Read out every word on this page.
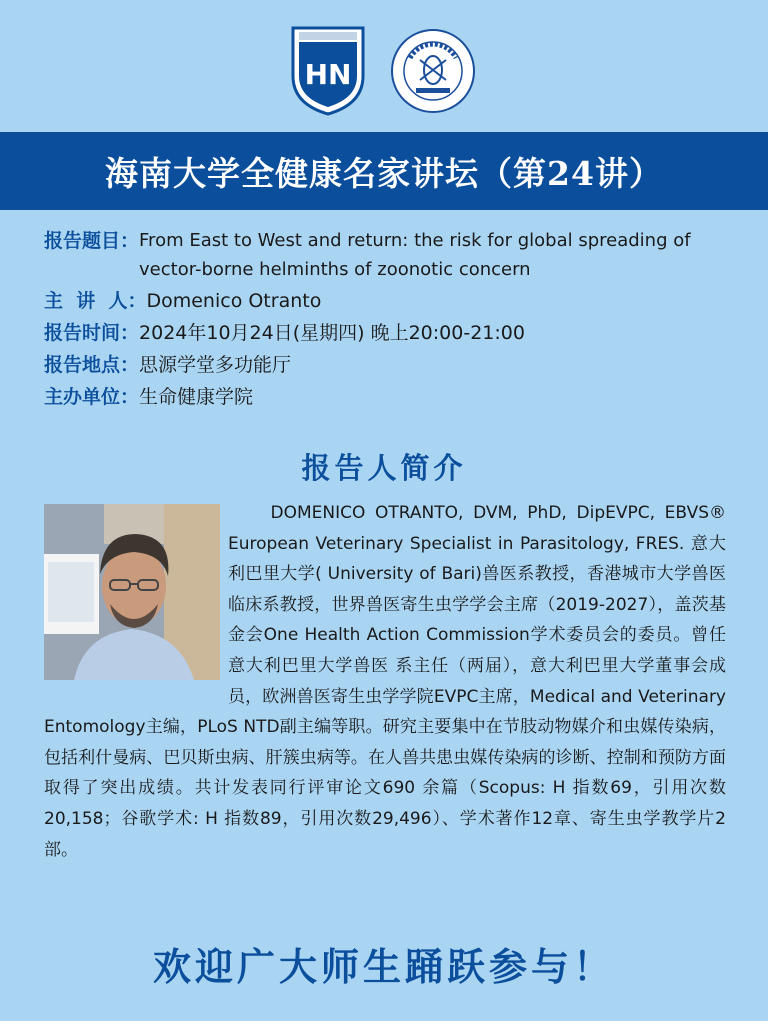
HN
海南大学全健康名家讲坛（第24讲）
报告题目： From East to West and return: the risk for global spreading of vector-borne helminths of zoonotic concern
主  讲  人： Domenico Otranto
报告时间： 2024年10月24日(星期四) 晚上20:00-21:00
报告地点： 思源学堂多功能厅
主办单位： 生命健康学院
报告人简介

DOMENICO OTRANTO, DVM, PhD, DipEVPC, EBVS® European Veterinary Specialist in Parasitology, FRES. 意大利巴里大学( University of Bari)兽医系教授，香港城市大学兽医临床系教授，世界兽医寄生虫学学会主席（2019-2027），盖茨基金会One Health Action Commission学术委员会的委员。曾任意大利巴里大学兽医 系主任（两届），意大利巴里大学董事会成员，欧洲兽医寄生虫学学院EVPC主席，Medical and Veterinary Entomology主编，PLoS NTD副主编等职。研究主要集中在节肢动物媒介和虫媒传染病，包括利什曼病、巴贝斯虫病、肝簇虫病等。在人兽共患虫媒传染病的诊断、控制和预防方面取得了突出成绩。共计发表同行评审论文690 余篇（Scopus: H 指数69，引用次数20,158；谷歌学术: H 指数89，引用次数29,496）、学术著作12章、寄生虫学教学片2 部。

欢迎广大师生踊跃参与！
